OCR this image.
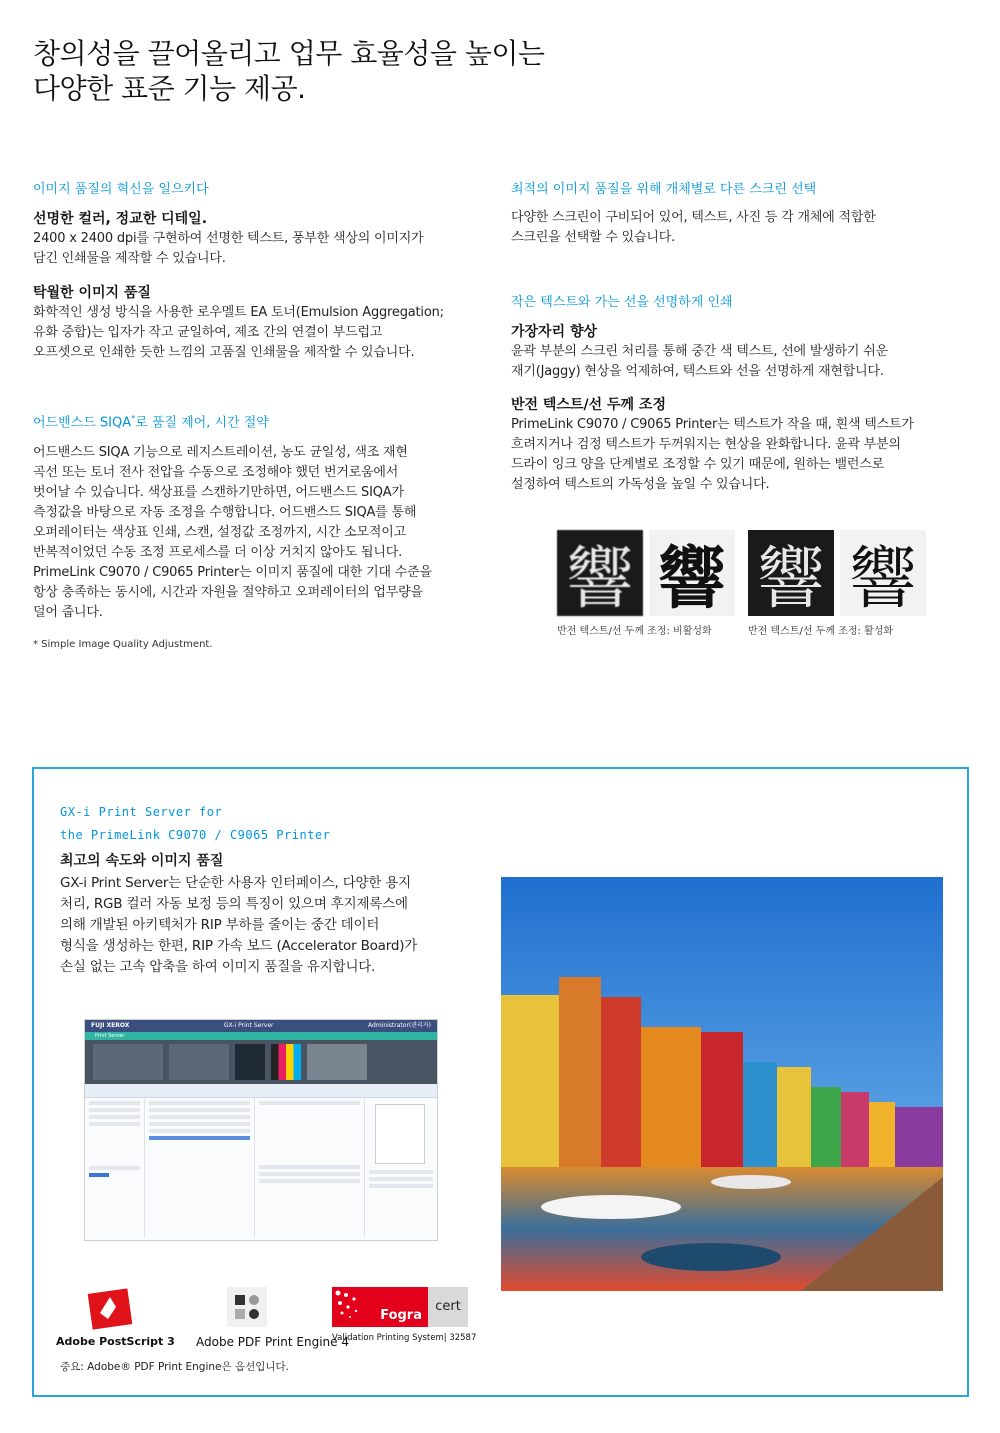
창의성을 끌어올리고 업무 효율성을 높이는
다양한 표준 기능 제공.
이미지 품질의 혁신을 일으키다
선명한 컬러, 정교한 디테일.
2400 x 2400 dpi를 구현하여 선명한 텍스트, 풍부한 색상의 이미지가
담긴 인쇄물을 제작할 수 있습니다.
탁월한 이미지 품질
화학적인 생성 방식을 사용한 로우멜트 EA 토너(Emulsion Aggregation;
유화 중합)는 입자가 작고 균일하여, 제조 간의 연결이 부드럽고
오프셋으로 인쇄한 듯한 느낌의 고품질 인쇄물을 제작할 수 있습니다.
어드밴스드 SIQA*로 품질 제어, 시간 절약
어드밴스드 SIQA 기능으로 레지스트레이션, 농도 균일성, 색조 재현
곡선 또는 토너 전사 전압을 수동으로 조정해야 했던 번거로움에서
벗어날 수 있습니다. 색상표를 스캔하기만하면, 어드밴스드 SIQA가
측정값을 바탕으로 자동 조정을 수행합니다. 어드밴스드 SIQA를 통해
오퍼레이터는 색상표 인쇄, 스캔, 설정값 조정까지, 시간 소모적이고
반복적이었던 수동 조정 프로세스를 더 이상 거치지 않아도 됩니다.
PrimeLink C9070 / C9065 Printer는 이미지 품질에 대한 기대 수준을
항상 충족하는 동시에, 시간과 자원을 절약하고 오퍼레이터의 업무량을
덜어 줍니다.
* Simple Image Quality Adjustment.
최적의 이미지 품질을 위해 개체별로 다른 스크린 선택
다양한 스크린이 구비되어 있어, 텍스트, 사진 등 각 개체에 적합한
스크린을 선택할 수 있습니다.
작은 텍스트와 가는 선을 선명하게 인쇄
가장자리 향상
윤곽 부분의 스크린 처리를 통해 중간 색 텍스트, 선에 발생하기 쉬운
재기(Jaggy) 현상을 억제하여, 텍스트와 선을 선명하게 재현합니다.
반전 텍스트/선 두께 조정
PrimeLink C9070 / C9065 Printer는 텍스트가 작을 때, 흰색 텍스트가
흐려지거나 검정 텍스트가 두꺼워지는 현상을 완화합니다. 윤곽 부분의
드라이 잉크 양을 단계별로 조정할 수 있기 때문에, 원하는 밸런스로
설정하여 텍스트의 가독성을 높일 수 있습니다.
響 響
반전 텍스트/선 두께 조정: 비활성화
響 響
반전 텍스트/선 두께 조정: 활성화
GX-i Print Server for
the PrimeLink C9070 / C9065 Printer
최고의 속도와 이미지 품질
GX-i Print Server는 단순한 사용자 인터페이스, 다양한 용지
처리, RGB 컬러 자동 보정 등의 특징이 있으며 후지제록스에
의해 개발된 아키텍처가 RIP 부하를 줄이는 중간 데이터
형식을 생성하는 한편, RIP 가속 보드 (Accelerator Board)가
손실 없는 고속 압축을 하여 이미지 품질을 유지합니다.
FUJI XEROX	GX-i Print Server	Administrator(관리자)
Print Server
Adobe PostScript 3 Adobe PDF Print Engine 4
Fogra
cert
Validation Printing System| 32587
중요: Adobe® PDF Print Engine은 옵션입니다.
